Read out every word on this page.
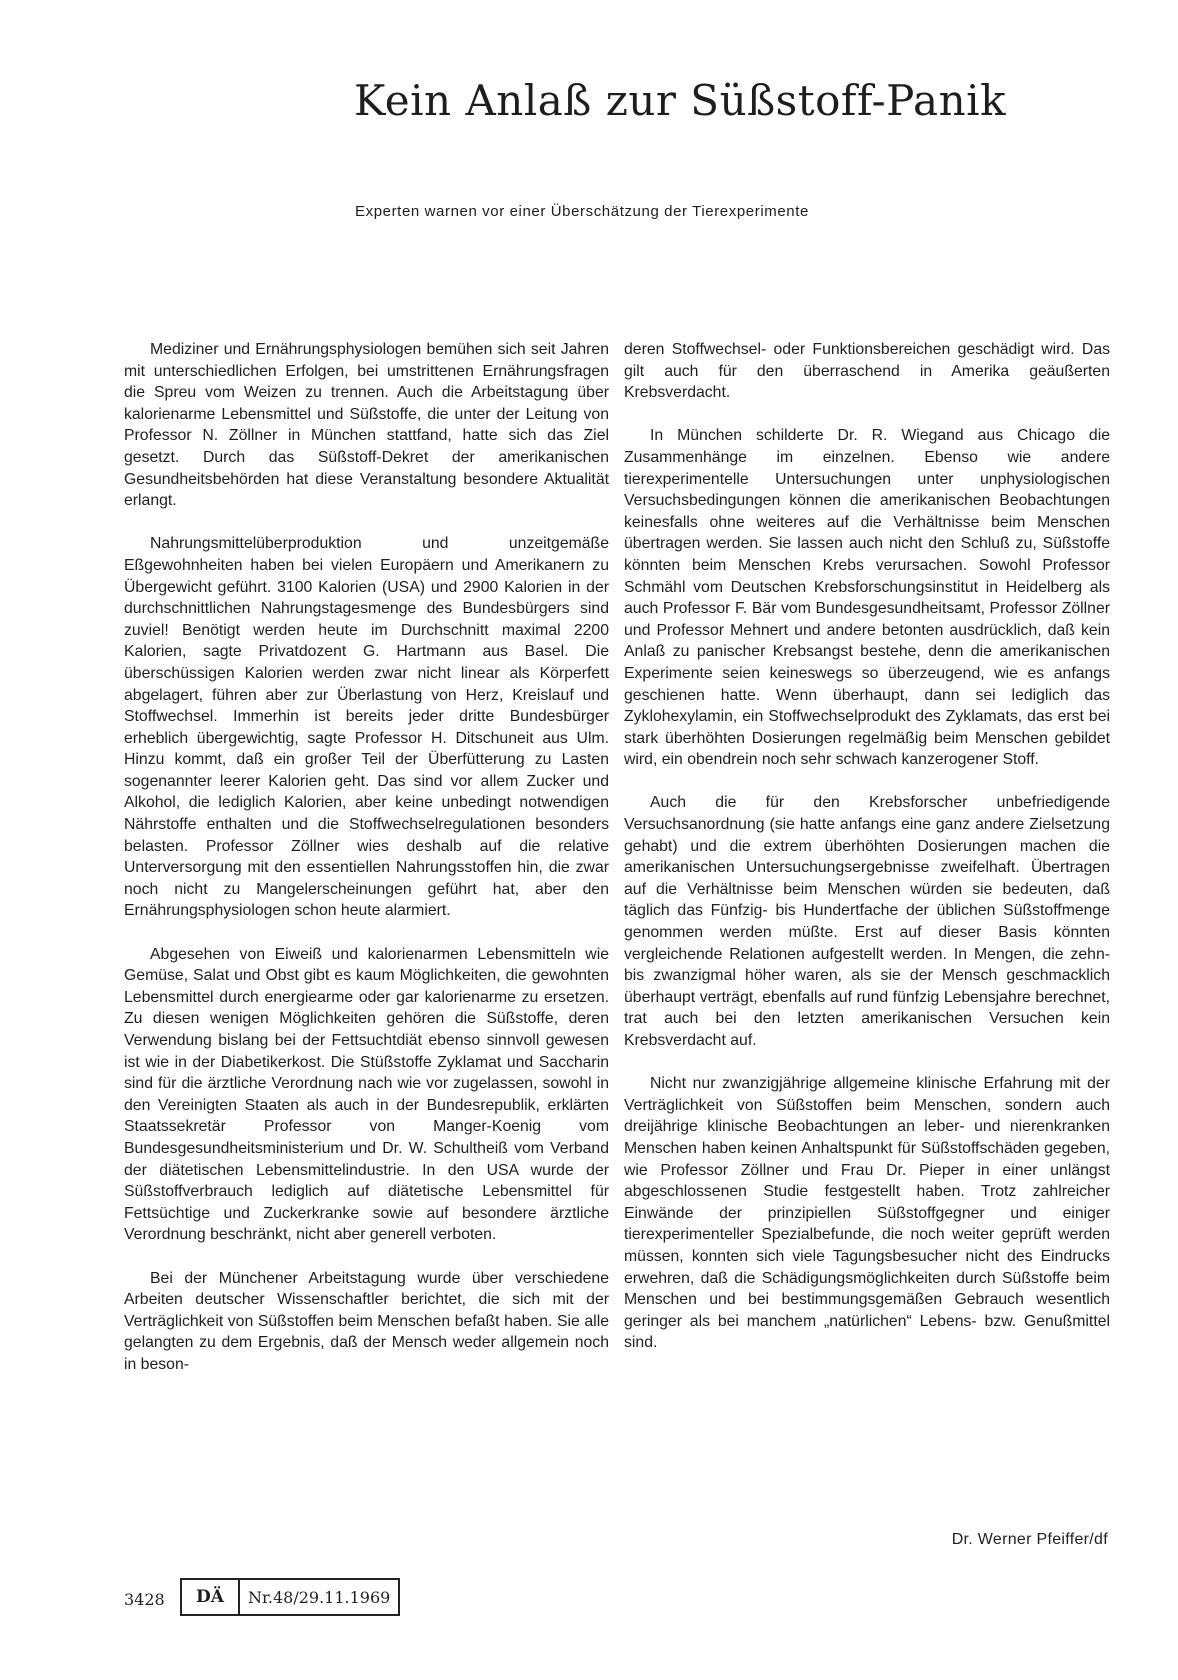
Kein Anlaß zur Süßstoff-Panik
Experten warnen vor einer Überschätzung der Tierexperimente

Mediziner und Ernährungsphysiologen bemühen sich seit Jahren mit unterschiedlichen Erfolgen, bei umstrittenen Ernährungsfragen die Spreu vom Weizen zu trennen. Auch die Arbeitstagung über kalorienarme Lebensmittel und Süßstoffe, die unter der Leitung von Professor N. Zöllner in München stattfand, hatte sich das Ziel gesetzt. Durch das Süßstoff-Dekret der amerikanischen Gesundheitsbehörden hat diese Veranstaltung besondere Aktualität erlangt.

Nahrungsmittelüberproduktion und unzeitgemäße Eßgewohnheiten haben bei vielen Europäern und Amerikanern zu Übergewicht geführt. 3100 Kalorien (USA) und 2900 Kalorien in der durchschnittlichen Nahrungstagesmenge des Bundesbürgers sind zuviel! Benötigt werden heute im Durchschnitt maximal 2200 Kalorien, sagte Privatdozent G. Hartmann aus Basel. Die überschüssigen Kalorien werden zwar nicht linear als Körperfett abgelagert, führen aber zur Überlastung von Herz, Kreislauf und Stoffwechsel. Immerhin ist bereits jeder dritte Bundesbürger erheblich übergewichtig, sagte Professor H. Ditschuneit aus Ulm. Hinzu kommt, daß ein großer Teil der Überfütterung zu Lasten sogenannter leerer Kalorien geht. Das sind vor allem Zucker und Alkohol, die lediglich Kalorien, aber keine unbedingt notwendigen Nährstoffe enthalten und die Stoffwechselregulationen besonders belasten. Professor Zöllner wies deshalb auf die relative Unterversorgung mit den essentiellen Nahrungsstoffen hin, die zwar noch nicht zu Mangelerscheinungen geführt hat, aber den Ernährungsphysiologen schon heute alarmiert.

Abgesehen von Eiweiß und kalorienarmen Lebensmitteln wie Gemüse, Salat und Obst gibt es kaum Möglichkeiten, die gewohnten Lebensmittel durch energiearme oder gar kalorienarme zu ersetzen. Zu diesen wenigen Möglichkeiten gehören die Süßstoffe, deren Verwendung bislang bei der Fettsuchtdiät ebenso sinnvoll gewesen ist wie in der Diabetikerkost. Die Stüßstoffe Zyklamat und Saccharin sind für die ärztliche Verordnung nach wie vor zugelassen, sowohl in den Vereinigten Staaten als auch in der Bundesrepublik, erklärten Staatssekretär Professor von Manger-Koenig vom Bundesgesundheitsministerium und Dr. W. Schultheiß vom Verband der diätetischen Lebensmittelindustrie. In den USA wurde der Süßstoffverbrauch lediglich auf diätetische Lebensmittel für Fettsüchtige und Zuckerkranke sowie auf besondere ärztliche Verordnung beschränkt, nicht aber generell verboten.

Bei der Münchener Arbeitstagung wurde über verschiedene Arbeiten deutscher Wissenschaftler berichtet, die sich mit der Verträglichkeit von Süßstoffen beim Menschen befaßt haben. Sie alle gelangten zu dem Ergebnis, daß der Mensch weder allgemein noch in beson-

deren Stoffwechsel- oder Funktionsbereichen geschädigt wird. Das gilt auch für den überraschend in Amerika geäußerten Krebsverdacht.

In München schilderte Dr. R. Wiegand aus Chicago die Zusammenhänge im einzelnen. Ebenso wie andere tierexperimentelle Untersuchungen unter unphysiologischen Versuchsbedingungen können die amerikanischen Beobachtungen keinesfalls ohne weiteres auf die Verhältnisse beim Menschen übertragen werden. Sie lassen auch nicht den Schluß zu, Süßstoffe könnten beim Menschen Krebs verursachen. Sowohl Professor Schmähl vom Deutschen Krebsforschungsinstitut in Heidelberg als auch Professor F. Bär vom Bundesgesundheitsamt, Professor Zöllner und Professor Mehnert und andere betonten ausdrücklich, daß kein Anlaß zu panischer Krebsangst bestehe, denn die amerikanischen Experimente seien keineswegs so überzeugend, wie es anfangs geschienen hatte. Wenn überhaupt, dann sei lediglich das Zyklohexylamin, ein Stoffwechselprodukt des Zyklamats, das erst bei stark überhöhten Dosierungen regelmäßig beim Menschen gebildet wird, ein obendrein noch sehr schwach kanzerogener Stoff.

Auch die für den Krebsforscher unbefriedigende Versuchsanordnung (sie hatte anfangs eine ganz andere Zielsetzung gehabt) und die extrem überhöhten Dosierungen machen die amerikanischen Untersuchungsergebnisse zweifelhaft. Übertragen auf die Verhältnisse beim Menschen würden sie bedeuten, daß täglich das Fünfzig- bis Hundertfache der üblichen Süßstoffmenge genommen werden müßte. Erst auf dieser Basis könnten vergleichende Relationen aufgestellt werden. In Mengen, die zehn- bis zwanzigmal höher waren, als sie der Mensch geschmacklich überhaupt verträgt, ebenfalls auf rund fünfzig Lebensjahre berechnet, trat auch bei den letzten amerikanischen Versuchen kein Krebsverdacht auf.

Nicht nur zwanzigjährige allgemeine klinische Erfahrung mit der Verträglichkeit von Süßstoffen beim Menschen, sondern auch dreijährige klinische Beobachtungen an leber- und nierenkranken Menschen haben keinen Anhaltspunkt für Süßstoffschäden gegeben, wie Professor Zöllner und Frau Dr. Pieper in einer unlängst abgeschlossenen Studie festgestellt haben. Trotz zahlreicher Einwände der prinzipiellen Süßstoffgegner und einiger tierexperimenteller Spezialbefunde, die noch weiter geprüft werden müssen, konnten sich viele Tagungsbesucher nicht des Eindrucks erwehren, daß die Schädigungsmöglichkeiten durch Süßstoffe beim Menschen und bei bestimmungsgemäßen Gebrauch wesentlich geringer als bei manchem „natürlichen“ Lebens- bzw. Genußmittel sind.

Dr. Werner Pfeiffer/df
3428	DÄ	Nr.48/29.11.1969
